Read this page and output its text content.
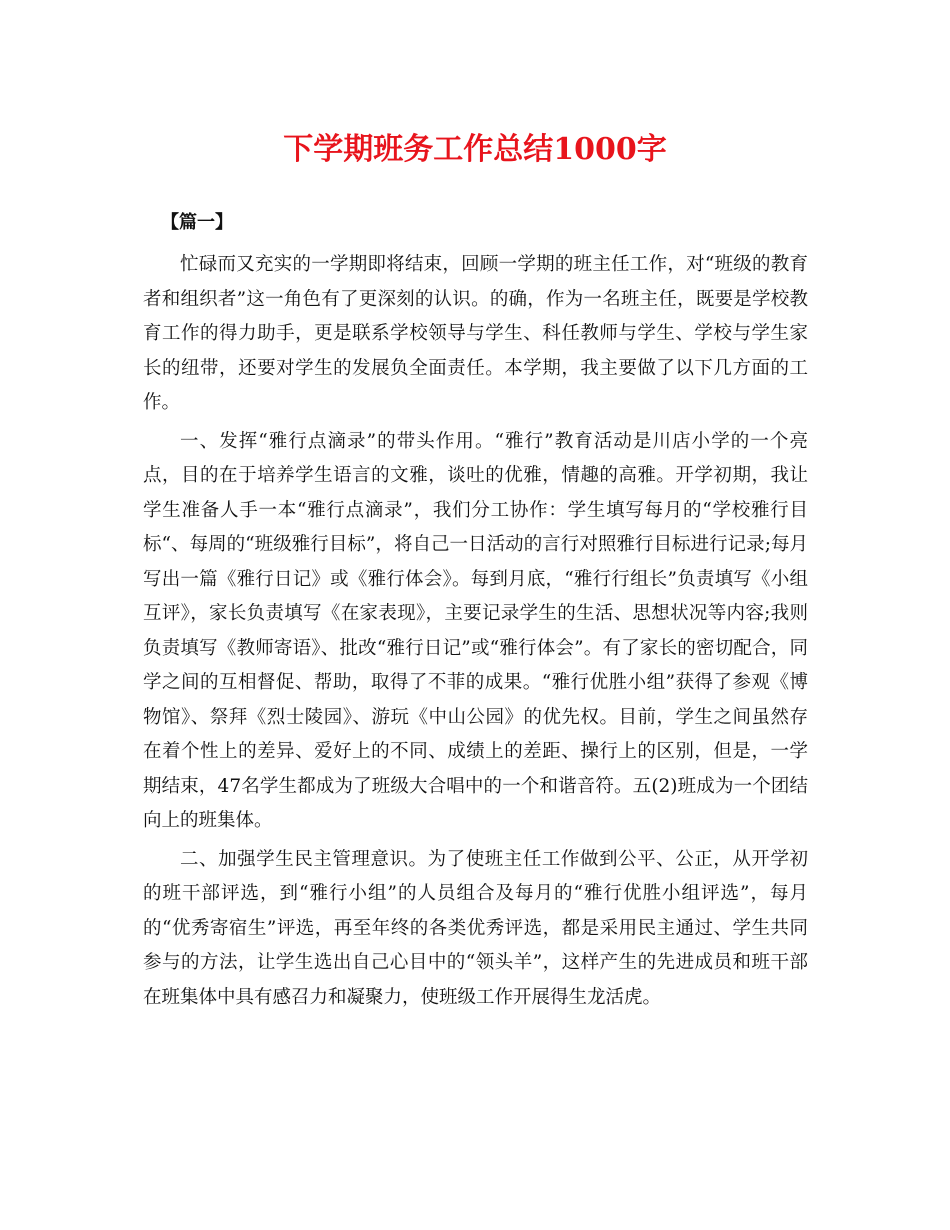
下学期班务工作总结1000字

【篇一】

忙碌而又充实的一学期即将结束，回顾一学期的班主任工作，对“班级的教育者和组织者”这一角色有了更深刻的认识。的确，作为一名班主任，既要是学校教育工作的得力助手，更是联系学校领导与学生、科任教师与学生、学校与学生家长的纽带，还要对学生的发展负全面责任。本学期，我主要做了以下几方面的工作。

一、发挥“雅行点滴录”的带头作用。“雅行”教育活动是川店小学的一个亮点，目的在于培养学生语言的文雅，谈吐的优雅，情趣的高雅。开学初期，我让学生准备人手一本“雅行点滴录”，我们分工协作：学生填写每月的“学校雅行目标“、每周的“班级雅行目标”，将自己一日活动的言行对照雅行目标进行记录;每月写出一篇《雅行日记》或《雅行体会》。每到月底，“雅行行组长”负责填写《小组互评》，家长负责填写《在家表现》，主要记录学生的生活、思想状况等内容;我则负责填写《教师寄语》、批改“雅行日记”或“雅行体会”。有了家长的密切配合，同学之间的互相督促、帮助，取得了不菲的成果。“雅行优胜小组”获得了参观《博物馆》、祭拜《烈士陵园》、游玩《中山公园》的优先权。目前，学生之间虽然存在着个性上的差异、爱好上的不同、成绩上的差距、操行上的区别，但是，一学期结束，47名学生都成为了班级大合唱中的一个和谐音符。五(2)班成为一个团结向上的班集体。

二、加强学生民主管理意识。为了使班主任工作做到公平、公正，从开学初的班干部评选，到“雅行小组”的人员组合及每月的“雅行优胜小组评选”，每月的“优秀寄宿生”评选，再至年终的各类优秀评选，都是采用民主通过、学生共同参与的方法，让学生选出自己心目中的“领头羊”，这样产生的先进成员和班干部在班集体中具有感召力和凝聚力，使班级工作开展得生龙活虎。
